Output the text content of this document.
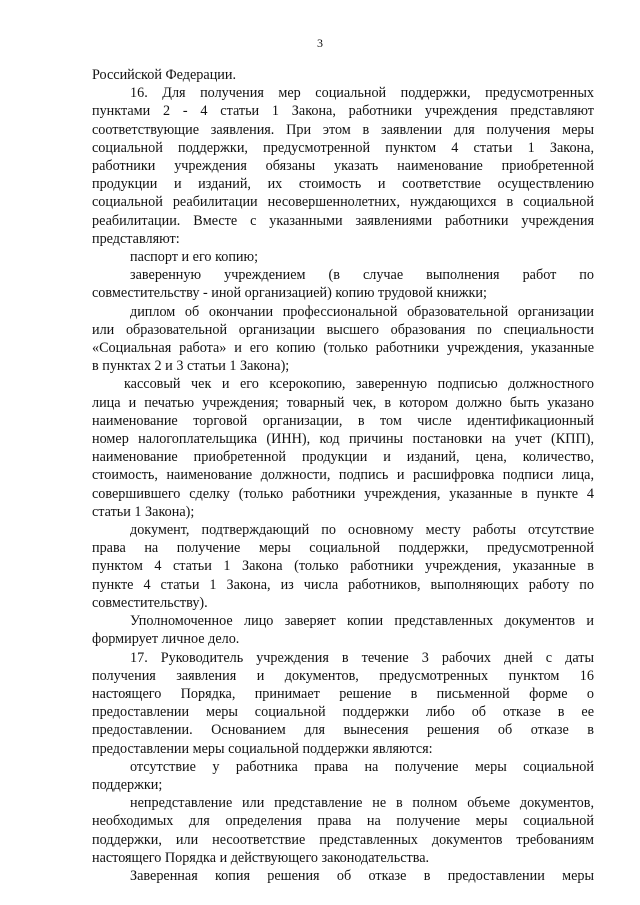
3
Российской Федерации.
16. Для получения мер социальной поддержки, предусмотренных
пунктами 2 - 4 статьи 1 Закона, работники учреждения представляют
соответствующие заявления. При этом в заявлении для получения меры
социальной поддержки, предусмотренной пунктом 4 статьи 1 Закона,
работники учреждения обязаны указать наименование приобретенной
продукции и изданий, их стоимость и соответствие осуществлению
социальной реабилитации несовершеннолетних, нуждающихся в социальной
реабилитации. Вместе с указанными заявлениями работники учреждения
представляют:
паспорт и его копию;
заверенную учреждением (в случае выполнения работ по
совместительству - иной организацией) копию трудовой книжки;
диплом об окончании профессиональной образовательной организации
или образовательной организации высшего образования по специальности
«Социальная работа» и его копию (только работники учреждения, указанные
в пунктах 2 и 3 статьи 1 Закона);
кассовый чек и его ксерокопию, заверенную подписью должностного
лица и печатью учреждения; товарный чек, в котором должно быть указано
наименование торговой организации, в том числе идентификационный
номер налогоплательщика (ИНН), код причины постановки на учет (КПП),
наименование приобретенной продукции и изданий, цена, количество,
стоимость, наименование должности, подпись и расшифровка подписи лица,
совершившего сделку (только работники учреждения, указанные в пункте 4
статьи 1 Закона);
документ, подтверждающий по основному месту работы отсутствие
права на получение меры социальной поддержки, предусмотренной
пунктом 4 статьи 1 Закона (только работники учреждения, указанные в
пункте 4 статьи 1 Закона, из числа работников, выполняющих работу по
совместительству).
Уполномоченное лицо заверяет копии представленных документов и
формирует личное дело.
17. Руководитель учреждения в течение 3 рабочих дней с даты
получения заявления и документов, предусмотренных пунктом 16
настоящего Порядка, принимает решение в письменной форме о
предоставлении меры социальной поддержки либо об отказе в ее
предоставлении. Основанием для вынесения решения об отказе в
предоставлении меры социальной поддержки являются:
отсутствие у работника права на получение меры социальной
поддержки;
непредставление или представление не в полном объеме документов,
необходимых для определения права на получение меры социальной
поддержки, или несоответствие представленных документов требованиям
настоящего Порядка и действующего законодательства.
Заверенная копия решения об отказе в предоставлении меры
